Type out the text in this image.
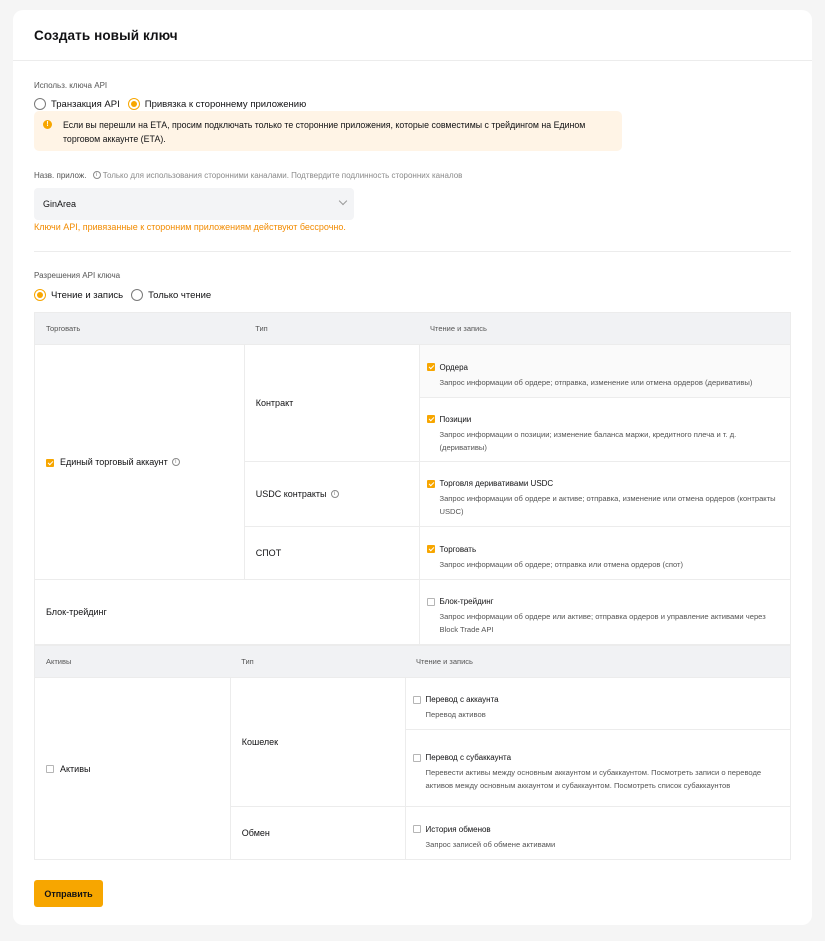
Создать новый ключ
Использ. ключа API
Транзакция API	Привязка к стороннему приложению
!	Если вы перешли на ЕТА, просим подключать только те сторонние приложения, которые совместимы с трейдингом на Едином торговом аккаунте (ЕТА).
Назв. прилож. i Только для использования сторонними каналами. Подтвердите подлинность сторонних каналов
GinArea
Ключи API, привязанные к сторонним приложениям действуют бессрочно.
Разрешения API ключа
Чтение и запись	Только чтение
Торговать	Тип	Чтение и запись
Единый торговый аккаунт i	Контракт	Ордера
Запрос информации об ордере; отправка, изменение или отмена ордеров (деривативы)

		Позиции
Запрос информации о позиции; изменение баланса маржи, кредитного плеча и т. д. (деривативы)

	USDC контракты i	Торговля деривативами USDC
Запрос информации об ордере и активе; отправка, изменение или отмена ордеров (контракты USDC)

	СПОТ	Торговать
Запрос информации об ордере; отправка или отмена ордеров (спот)

Блок-трейдинг		Блок-трейдинг
Запрос информации об ордере или активе; отправка ордеров и управление активами через Block Trade API
Активы	Тип	Чтение и запись
Активы	Кошелек	Перевод с аккаунта
Перевод активов

		Перевод с субаккаунта
Перевести активы между основным аккаунтом и субаккаунтом. Посмотреть записи о переводе активов между основным аккаунтом и субаккаунтом. Посмотреть список субаккаунтов

	Обмен	История обменов
Запрос записей об обмене активами
Отправить
